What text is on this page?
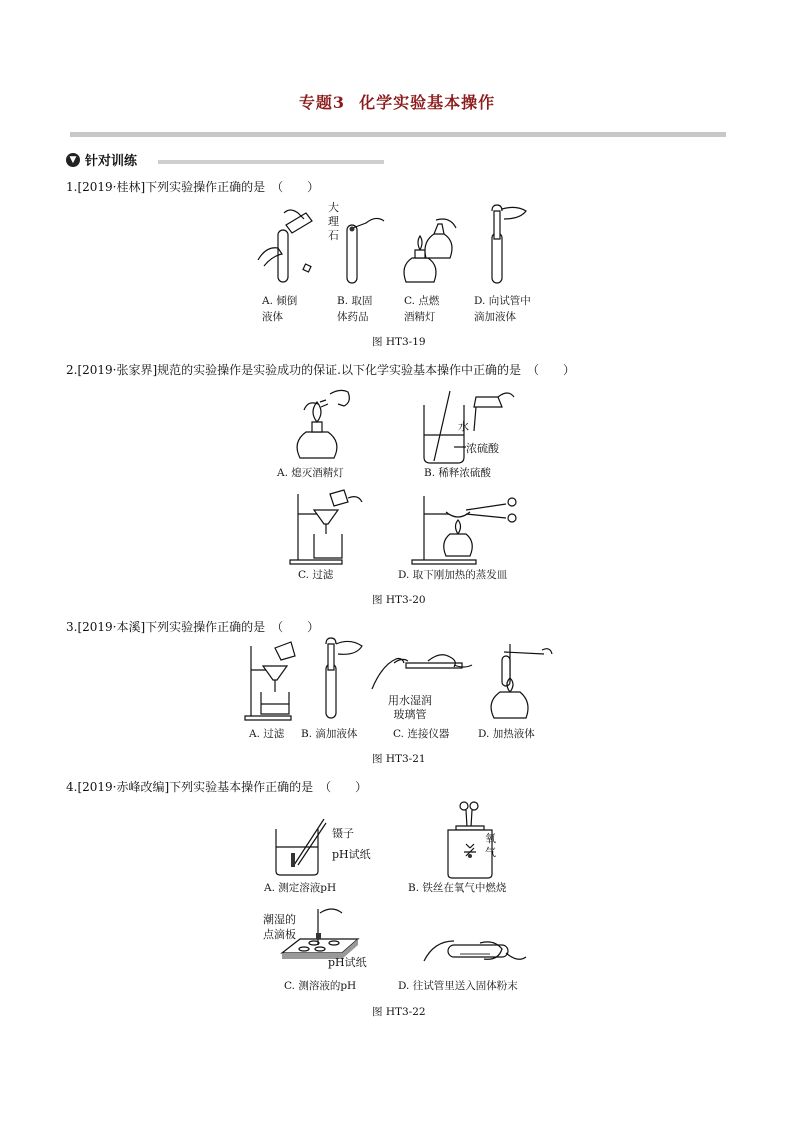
专题3 化学实验基本操作
▼ 针对训练
1.[2019·桂林]下列实验操作正确的是　（　　）
大
理
石
A. 倾倒
液体
B. 取固
体药品
C. 点燃
酒精灯
D. 向试管中
滴加液体
图 HT3-19
2.[2019·张家界]规范的实验操作是实验成功的保证.以下化学实验基本操作中正确的是　（　　）
水
浓硫酸
A. 熄灭酒精灯	B. 稀释浓硫酸
C. 过滤	D. 取下刚加热的蒸发皿
图 HT3-20
3.[2019·本溪]下列实验操作正确的是　（　　）
用水湿润
玻璃管
A. 过滤 B. 滴加液体	C. 连接仪器	D. 加热液体
图 HT3-21
4.[2019·赤峰改编]下列实验基本操作正确的是　（　　）
镊子
pH试纸
氧
气
A. 测定溶液pH	B. 铁丝在氧气中燃烧
潮湿的
点滴板
pH试纸
C. 测溶液的pH	D. 往试管里送入固体粉末
图 HT3-22
